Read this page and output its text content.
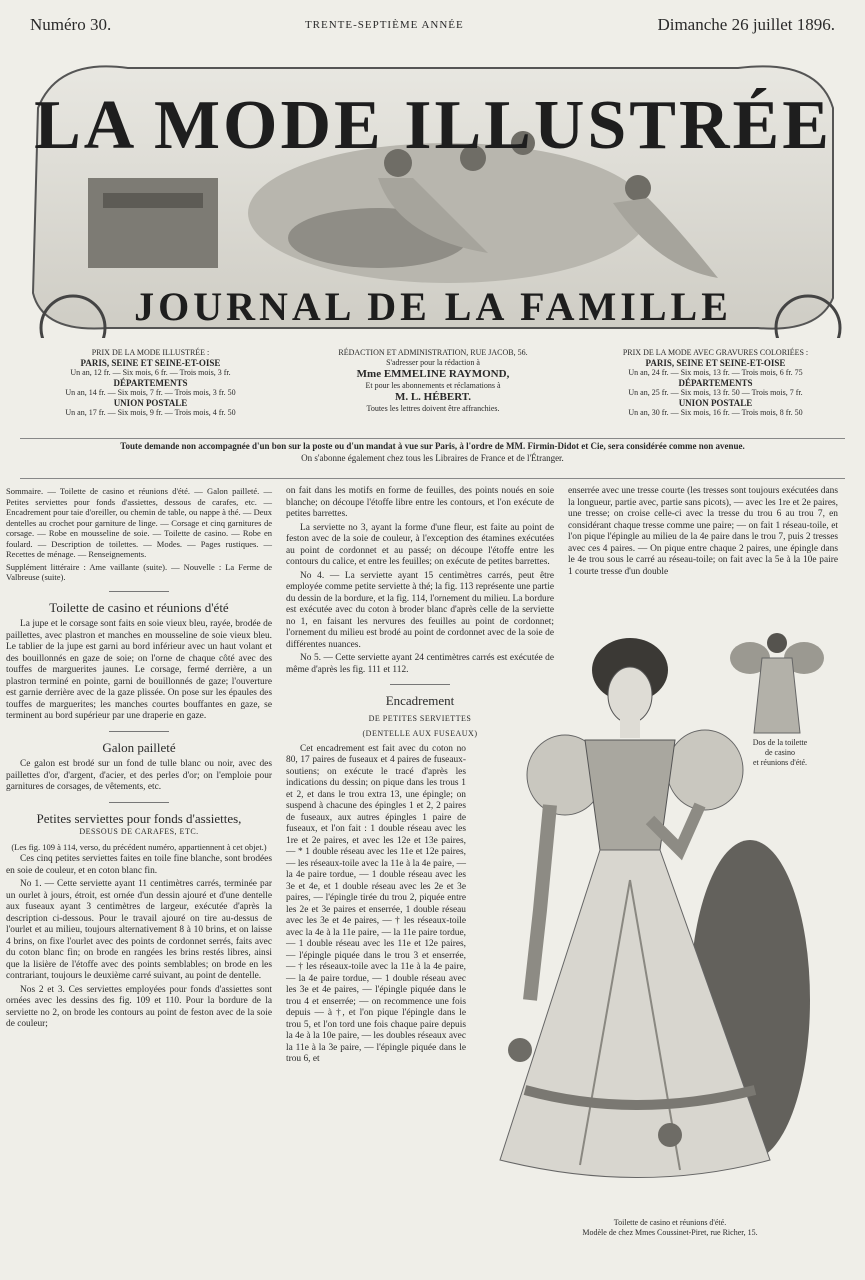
Numéro 30.	TRENTE-SEPTIÈME ANNÉE	Dimanche 26 juillet 1896.
LA MODE ILLUSTRÉE
JOURNAL DE LA FAMILLE
PRIX DE LA MODE ILLUSTRÉE :
PARIS, SEINE ET SEINE-ET-OISE
Un an, 12 fr. — Six mois, 6 fr. — Trois mois, 3 fr.
DÉPARTEMENTS
Un an, 14 fr. — Six mois, 7 fr. — Trois mois, 3 fr. 50
UNION POSTALE
Un an, 17 fr. — Six mois, 9 fr. — Trois mois, 4 fr. 50
RÉDACTION ET ADMINISTRATION, RUE JACOB, 56.
S'adresser pour la rédaction à
Mme EMMELINE RAYMOND,
Et pour les abonnements et réclamations à
M. L. HÉBERT.
Toutes les lettres doivent être affranchies.
PRIX DE LA MODE AVEC GRAVURES COLORIÉES :
PARIS, SEINE ET SEINE-ET-OISE
Un an, 24 fr. — Six mois, 13 fr. — Trois mois, 6 fr. 75
DÉPARTEMENTS
Un an, 25 fr. — Six mois, 13 fr. 50 — Trois mois, 7 fr.
UNION POSTALE
Un an, 30 fr. — Six mois, 16 fr. — Trois mois, 8 fr. 50
Toute demande non accompagnée d'un bon sur la poste ou d'un mandat à vue sur Paris, à l'ordre de MM. Firmin-Didot et Cie, sera considérée comme non avenue.
On s'abonne également chez tous les Libraires de France et de l'Étranger.

Sommaire. — Toilette de casino et réunions d'été. — Galon pailleté. — Petites serviettes pour fonds d'assiettes, dessous de carafes, etc. — Encadrement pour taie d'oreiller, ou chemin de table, ou nappe à thé. — Deux dentelles au crochet pour garniture de linge. — Corsage et cinq garnitures de corsage. — Robe en mousseline de soie. — Toilette de casino. — Robe en foulard. — Description de toilettes. — Modes. — Pages rustiques. — Recettes de ménage. — Renseignements.

Supplément littéraire : Ame vaillante (suite). — Nouvelle : La Ferme de Valbreuse (suite).

Toilette de casino et réunions d'été

La jupe et le corsage sont faits en soie vieux bleu, rayée, brodée de paillettes, avec plastron et manches en mousseline de soie vieux bleu. Le tablier de la jupe est garni au bord inférieur avec un haut volant et des bouillonnés en gaze de soie; on l'orne de chaque côté avec des touffes de marguerites jaunes. Le corsage, fermé derrière, a un plastron terminé en pointe, garni de bouillonnés de gaze; l'ouverture est garnie derrière avec de la gaze plissée. On pose sur les épaules des touffes de marguerites; les manches courtes bouffantes en gaze, se terminent au bord supérieur par une draperie en gaze.

Galon pailleté

Ce galon est brodé sur un fond de tulle blanc ou noir, avec des paillettes d'or, d'argent, d'acier, et des perles d'or; on l'emploie pour garnitures de corsages, de vêtements, etc.

Petites serviettes pour fonds d'assiettes,
DESSOUS DE CARAFES, ETC.

(Les fig. 109 à 114, verso, du précédent numéro, appartiennent à cet objet.)

Ces cinq petites serviettes faites en toile fine blanche, sont brodées en soie de couleur, et en coton blanc fin.

No 1. — Cette serviette ayant 11 centimètres carrés, terminée par un ourlet à jours, étroit, est ornée d'un dessin ajouré et d'une dentelle aux fuseaux ayant 3 centimètres de largeur, exécutée d'après la description ci-dessous. Pour le travail ajouré on tire au-dessus de l'ourlet et au milieu, toujours alternativement 8 à 10 brins, et on laisse 4 brins, on fixe l'ourlet avec des points de cordonnet serrés, faits avec du coton blanc fin; on brode en rangées les brins restés libres, ainsi que la lisière de l'étoffe avec des points semblables; on brode en les contrariant, toujours le deuxième carré suivant, au point de dentelle.

Nos 2 et 3. Ces serviettes employées pour fonds d'assiettes sont ornées avec les dessins des fig. 109 et 110. Pour la bordure de la serviette no 2, on brode les contours au point de feston avec de la soie de couleur;

on fait dans les motifs en forme de feuilles, des points noués en soie blanche; on découpe l'étoffe libre entre les contours, et l'on exécute de petites barrettes.

La serviette no 3, ayant la forme d'une fleur, est faite au point de feston avec de la soie de couleur, à l'exception des étamines exécutées au point de cordonnet et au passé; on découpe l'étoffe entre les contours du calice, et entre les feuilles; on exécute de petites barrettes.

No 4. — La serviette ayant 15 centimètres carrés, peut être employée comme petite serviette à thé; la fig. 113 représente une partie du dessin de la bordure, et la fig. 114, l'ornement du milieu. La bordure est exécutée avec du coton à broder blanc d'après celle de la serviette no 1, en faisant les nervures des feuilles au point de cordonnet; l'ornement du milieu est brodé au point de cordonnet avec de la soie de différentes nuances.

No 5. — Cette serviette ayant 24 centimètres carrés est exécutée de même d'après les fig. 111 et 112.

Encadrement
DE PETITES SERVIETTES
(DENTELLE AUX FUSEAUX)

Cet encadrement est fait avec du coton no 80, 17 paires de fuseaux et 4 paires de fuseaux-soutiens; on exécute le tracé d'après les indications du dessin; on pique dans les trous 1 et 2, et dans le trou extra 13, une épingle; on suspend à chacune des épingles 1 et 2, 2 paires de fuseaux, aux autres épingles 1 paire de fuseaux, et l'on fait : 1 double réseau avec les 1re et 2e paires, et avec les 12e et 13e paires, — * 1 double réseau avec les 11e et 12e paires, — les réseaux-toile avec la 11e à la 4e paire, — la 4e paire tordue, — 1 double réseau avec les 3e et 4e, et 1 double réseau avec les 2e et 3e paires, — l'épingle tirée du trou 2, piquée entre les 2e et 3e paires et enserrée, 1 double réseau avec les 3e et 4e paires, — † les réseaux-toile avec la 4e à la 11e paire, — la 11e paire tordue, — 1 double réseau avec les 11e et 12e paires, — l'épingle piquée dans le trou 3 et enserrée, — † les réseaux-toile avec la 11e à la 4e paire, — la 4e paire tordue, — 1 double réseau avec les 3e et 4e paires, — l'épingle piquée dans le trou 4 et enserrée; — on recommence une fois depuis — à †, et l'on pique l'épingle dans le trou 5, et l'on tord une fois chaque paire depuis la 4e à la 10e paire, — les doubles réseaux avec la 11e à la 3e paire, — l'épingle piquée dans le trou 6, et

enserrée avec une tresse courte (les tresses sont toujours exécutées dans la longueur, partie avec, partie sans picots), — avec les 1re et 2e paires, une tresse; on croise celle-ci avec la tresse du trou 6 au trou 7, en considérant chaque tresse comme une paire; — on fait 1 réseau-toile, et l'on pique l'épingle au milieu de la 4e paire dans le trou 7, puis 2 tresses avec ces 4 paires. — On pique entre chaque 2 paires, une épingle dans le 4e trou sous le carré au réseau-toile; on fait avec la 5e à la 10e paire 1 courte tresse d'un double

Dos de la toilette
de casino
et réunions d'été.
Toilette de casino et réunions d'été.
Modèle de chez Mmes Coussinet-Piret, rue Richer, 15.
